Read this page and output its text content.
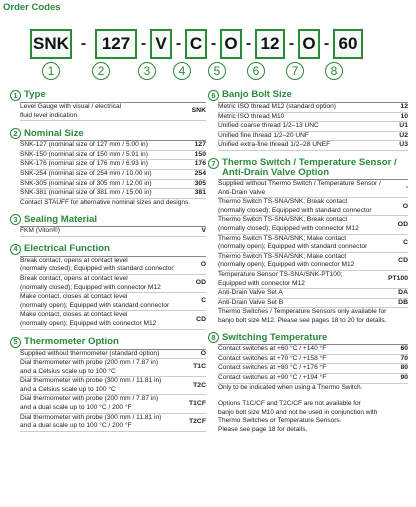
Order Codes
SNK - 127 - V - C - O - 12 - O - 60
1	2	3	4	5	6	7	8
1 Type
Level Gauge with visual / electrical
fluid level indication
SNK
2 Nominal Size
SNK-127 (nominal size of 127 mm / 5.00 in)	127
SNK-150 (nominal size of 150 mm / 5.91 in)	150
SNK-176 (nominal size of 176 mm / 6.93 in)	176
SNK-254 (nominal size of 254 mm / 10.00 in)	254
SNK-305 (nominal size of 305 mm / 12.00 in)	305
SNK-381 (nominal size of 381 mm / 15.00 in)	381
Contact STAUFF for alternative nominal sizes and designs.
3 Sealing Material
FKM (Viton®)	V
4 Electrical Function
Break contact, opens at contact level
(normally closed); Equipped with standard connector
O
Break contact, opens at contact level
(normally closed); Equipped with connector M12
OD
Make contact, closes at contact level
(normally open); Equipped with standard connector
C
Make contact, closes at contact level
(normally open); Equipped with connector M12
CD
5 Thermometer Option
Supplied without thermometer (standard option)	O
Dial thermometer with probe (200 mm / 7.87 in)
and a Celsius scale up to 100 °C
T1C
Dial thermometer with probe (300 mm / 11.81 in)
and a Celsius scale up to 100 °C
T2C
Dial thermometer with probe (200 mm / 7.87 in)
and a dual scale up to 100 °C / 200 °F
T1CF
Dial thermometer with probe (300 mm / 11.81 in)
and a dual scale up to 100 °C / 200 °F
T2CF
6 Banjo Bolt Size
Metric ISO thread M12 (standard option)	12
Metric ISO thread M10	10
Unified coarse thread 1/2–13 UNC	U1
Unified fine thread 1/2–20 UNF	U2
Unified extra-fine thread 1/2–28 UNEF	U3
7 Thermo Switch / Temperature Sensor /
Anti-Drain Valve Option
Supplied without Thermo Switch / Temperature Sensor /
Anti-Drain Valve
-
Thermo Switch TS-SNA/SNK; Break contact
(normally closed); Equipped with standard connector
O
Thermo Switch TS-SNA/SNK; Break contact
(normally closed); Equipped with connector M12
OD
Thermo Switch TS-SNA/SNK; Make contact
(normally open); Equipped with standard connector
C
Thermo Switch TS-SNA/SNK; Make contact
(normally open); Equipped with connector M12
CD
Temperature Sensor TS-SNA/SNK-PT100;
Equipped with connector M12
PT100
Anti-Drain Valve Set A	DA
Anti-Drain Valve Set B	DB
Thermo Switches / Temperature Sensors only available for
banjo bolt size M12. Please see pages 18 to 20 for details.
8 Switching Temperature
Contact switches at +60 °C / +140 °F	60
Contact switches at +70 °C / +158 °F	70
Contact switches at +80 °C / +176 °F	80
Contact switches at +90 °C / +194 °F	90
Only to be indicated when using a Thermo Switch.

Options T1C/CF and T2C/CF are not available for
banjo bolt size M10 and not be used in conjunction with
Thermo Switches or Temperature Sensors.
Please see page 18 for details.
